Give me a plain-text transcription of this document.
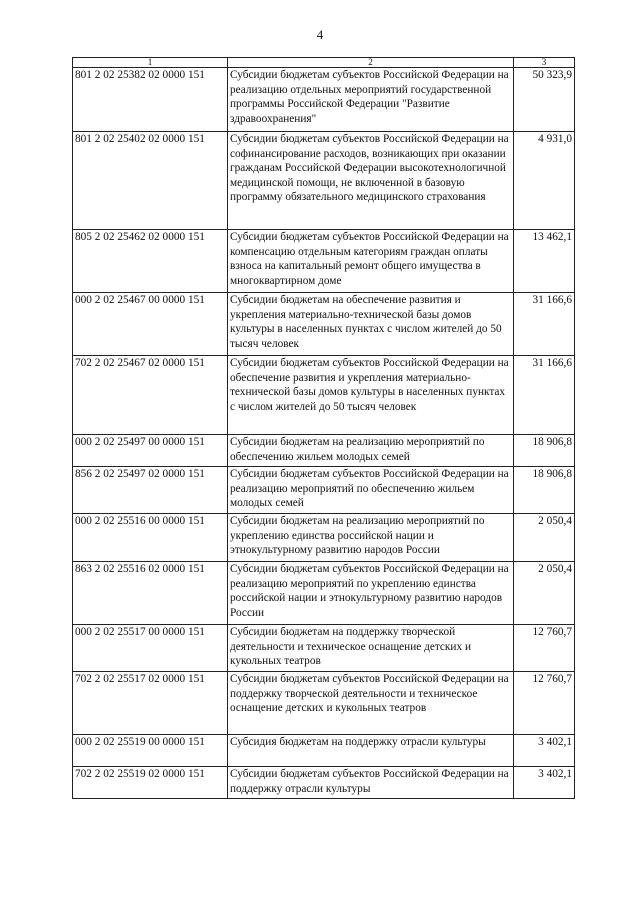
4
1	2	3
801 2 02 25382 02 0000 151	Субсидии бюджетам субъектов Российской Федерации на реализацию отдельных мероприятий государственной программы Российской Федерации "Развитие здравоохранения"	50 323,9
801 2 02 25402 02 0000 151	Субсидии бюджетам субъектов Российской Федерации на софинансирование расходов, возникающих при оказании гражданам Российской Федерации высокотехнологичной медицинской помощи, не включенной в базовую программу обязательного медицинского страхования	4 931,0
805 2 02 25462 02 0000 151	Субсидии бюджетам субъектов Российской Федерации на компенсацию отдельным категориям граждан оплаты взноса на капитальный ремонт общего имущества в многоквартирном доме	13 462,1
000 2 02 25467 00 0000 151	Субсидии бюджетам на обеспечение развития и укрепления материально-технической базы домов культуры в населенных пунктах с числом жителей до 50 тысяч человек	31 166,6
702 2 02 25467 02 0000 151	Субсидии бюджетам субъектов Российской Федерации на обеспечение развития и укрепления материально-технической базы домов культуры в населенных пунктах с числом жителей до 50 тысяч человек	31 166,6
000 2 02 25497 00 0000 151	Субсидии бюджетам на реализацию мероприятий по обеспечению жильем молодых семей	18 906,8
856 2 02 25497 02 0000 151	Субсидии бюджетам субъектов Российской Федерации на реализацию мероприятий по обеспечению жильем молодых семей	18 906,8
000 2 02 25516 00 0000 151	Субсидии бюджетам на реализацию мероприятий по укреплению единства российской нации и этнокультурному развитию народов России	2 050,4
863 2 02 25516 02 0000 151	Субсидии бюджетам субъектов Российской Федерации на реализацию мероприятий по укреплению единства российской нации и этнокультурному развитию народов России	2 050,4
000 2 02 25517 00 0000 151	Субсидии бюджетам на поддержку творческой деятельности и техническое оснащение детских и кукольных театров	12 760,7
702 2 02 25517 02 0000 151	Субсидии бюджетам субъектов Российской Федерации на поддержку творческой деятельности и техническое оснащение детских и кукольных театров	12 760,7
000 2 02 25519 00 0000 151	Субсидия бюджетам на поддержку отрасли культуры	3 402,1
702 2 02 25519 02 0000 151	Субсидии бюджетам субъектов Российской Федерации на поддержку отрасли культуры	3 402,1
